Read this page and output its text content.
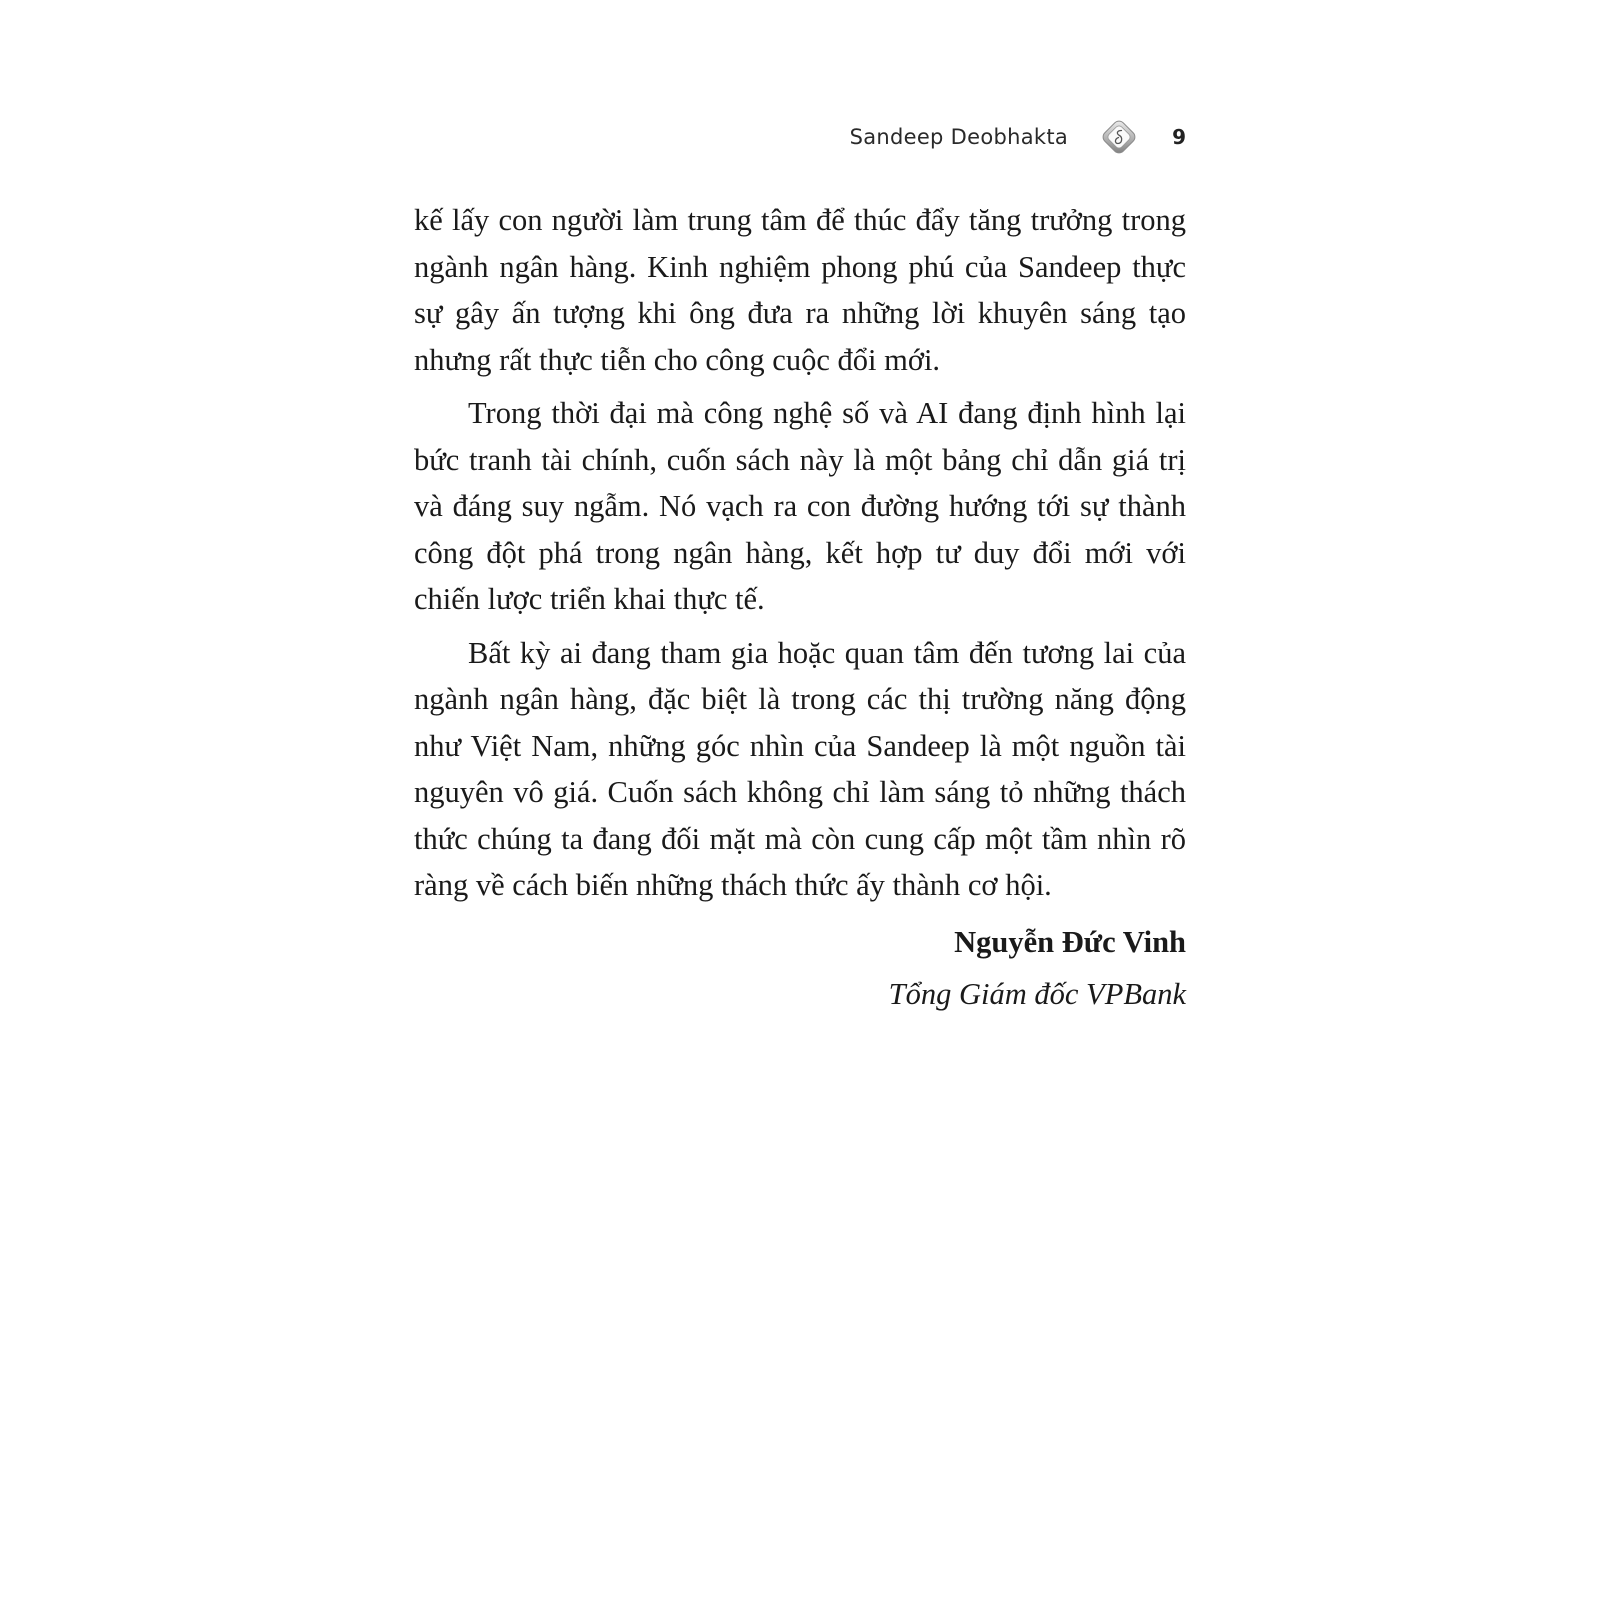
Sandeep Deobhakta	9

kế lấy con người làm trung tâm để thúc đẩy tăng trưởng trong ngành ngân hàng. Kinh nghiệm phong phú của Sandeep thực sự gây ấn tượng khi ông đưa ra những lời khuyên sáng tạo nhưng rất thực tiễn cho công cuộc đổi mới.

Trong thời đại mà công nghệ số và AI đang định hình lại bức tranh tài chính, cuốn sách này là một bảng chỉ dẫn giá trị và đáng suy ngẫm. Nó vạch ra con đường hướng tới sự thành công đột phá trong ngân hàng, kết hợp tư duy đổi mới với chiến lược triển khai thực tế.

Bất kỳ ai đang tham gia hoặc quan tâm đến tương lai của ngành ngân hàng, đặc biệt là trong các thị trường năng động như Việt Nam, những góc nhìn của Sandeep là một nguồn tài nguyên vô giá. Cuốn sách không chỉ làm sáng tỏ những thách thức chúng ta đang đối mặt mà còn cung cấp một tầm nhìn rõ ràng về cách biến những thách thức ấy thành cơ hội.

Nguyễn Đức Vinh

Tổng Giám đốc VPBank
